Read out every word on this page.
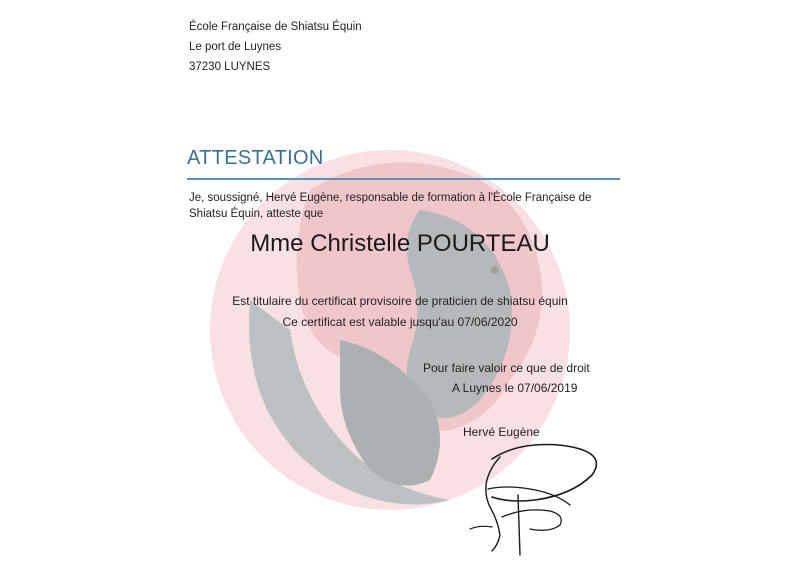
École Française de Shiatsu Équin
Le port de Luynes
37230 LUYNES
ATTESTATION
Je, soussigné, Hervé Eugène, responsable de formation à l'École Française de Shiatsu Équin, atteste que
Mme Christelle POURTEAU
Est titulaire du certificat provisoire de praticien de shiatsu équin
Ce certificat est valable jusqu'au 07/06/2020
Pour faire valoir ce que de droit
A Luynes le 07/06/2019
Hervé Eugène
